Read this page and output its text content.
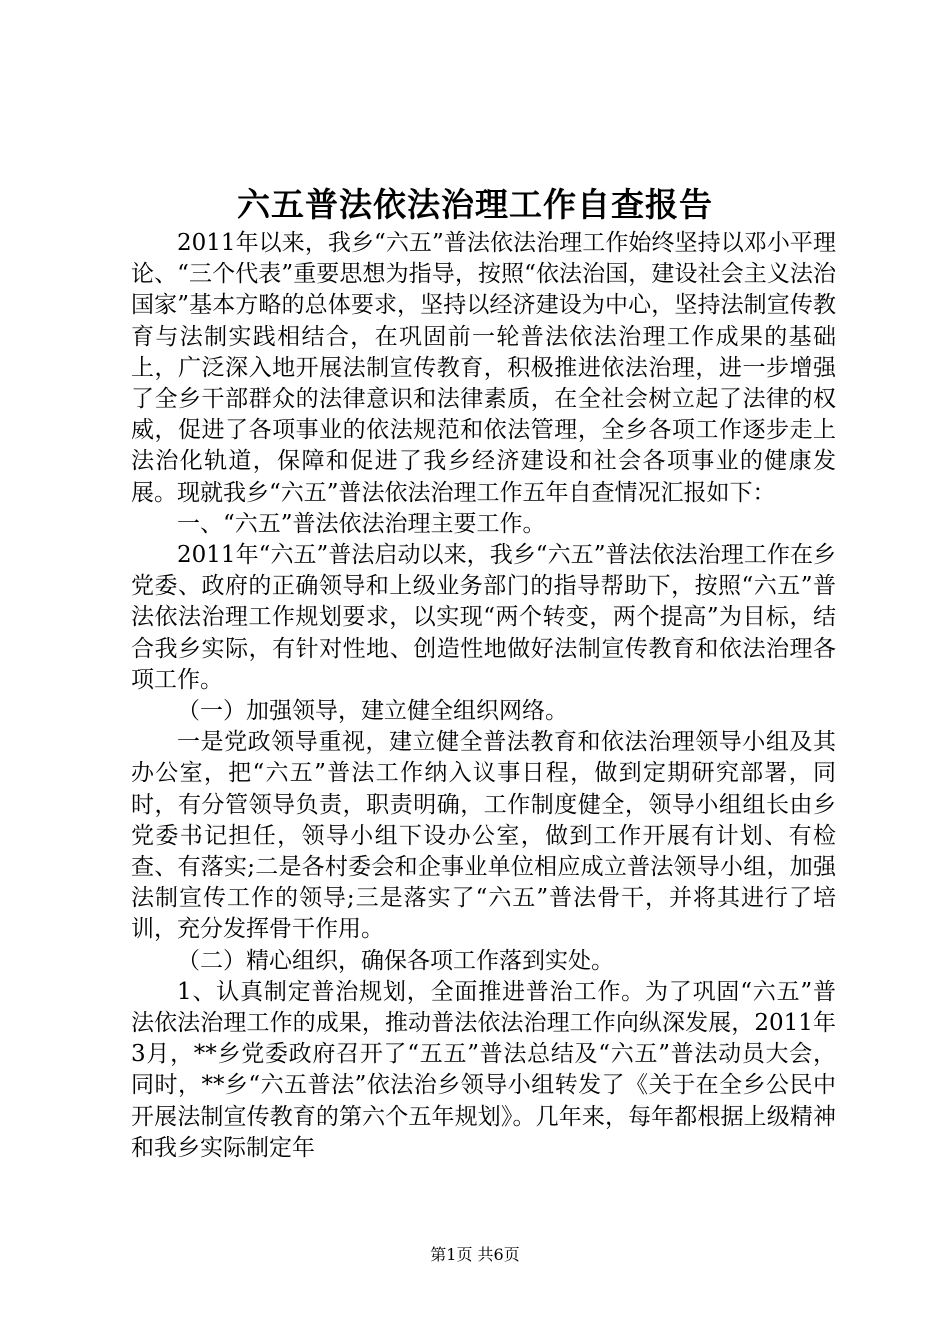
六五普法依法治理工作自查报告

2011年以来，我乡“六五”普法依法治理工作始终坚持以邓小平理论、“三个代表”重要思想为指导，按照“依法治国，建设社会主义法治国家”基本方略的总体要求，坚持以经济建设为中心，坚持法制宣传教育与法制实践相结合，在巩固前一轮普法依法治理工作成果的基础上，广泛深入地开展法制宣传教育，积极推进依法治理，进一步增强了全乡干部群众的法律意识和法律素质，在全社会树立起了法律的权威，促进了各项事业的依法规范和依法管理，全乡各项工作逐步走上法治化轨道，保障和促进了我乡经济建设和社会各项事业的健康发展。现就我乡“六五”普法依法治理工作五年自查情况汇报如下：

一、“六五”普法依法治理主要工作。

2011年“六五”普法启动以来，我乡“六五”普法依法治理工作在乡党委、政府的正确领导和上级业务部门的指导帮助下，按照“六五”普法依法治理工作规划要求，以实现“两个转变，两个提高”为目标，结合我乡实际，有针对性地、创造性地做好法制宣传教育和依法治理各项工作。

（一）加强领导，建立健全组织网络。

一是党政领导重视，建立健全普法教育和依法治理领导小组及其办公室，把“六五”普法工作纳入议事日程，做到定期研究部署，同时，有分管领导负责，职责明确，工作制度健全，领导小组组长由乡党委书记担任，领导小组下设办公室，做到工作开展有计划、有检查、有落实;二是各村委会和企事业单位相应成立普法领导小组，加强法制宣传工作的领导;三是落实了“六五”普法骨干，并将其进行了培训，充分发挥骨干作用。

（二）精心组织，确保各项工作落到实处。

1、认真制定普治规划，全面推进普治工作。为了巩固“六五”普法依法治理工作的成果，推动普法依法治理工作向纵深发展，2011年3月，**乡党委政府召开了“五五”普法总结及“六五”普法动员大会，同时，**乡“六五普法”依法治乡领导小组转发了《关于在全乡公民中开展法制宣传教育的第六个五年规划》。几年来，每年都根据上级精神和我乡实际制定年

第1页 共6页
